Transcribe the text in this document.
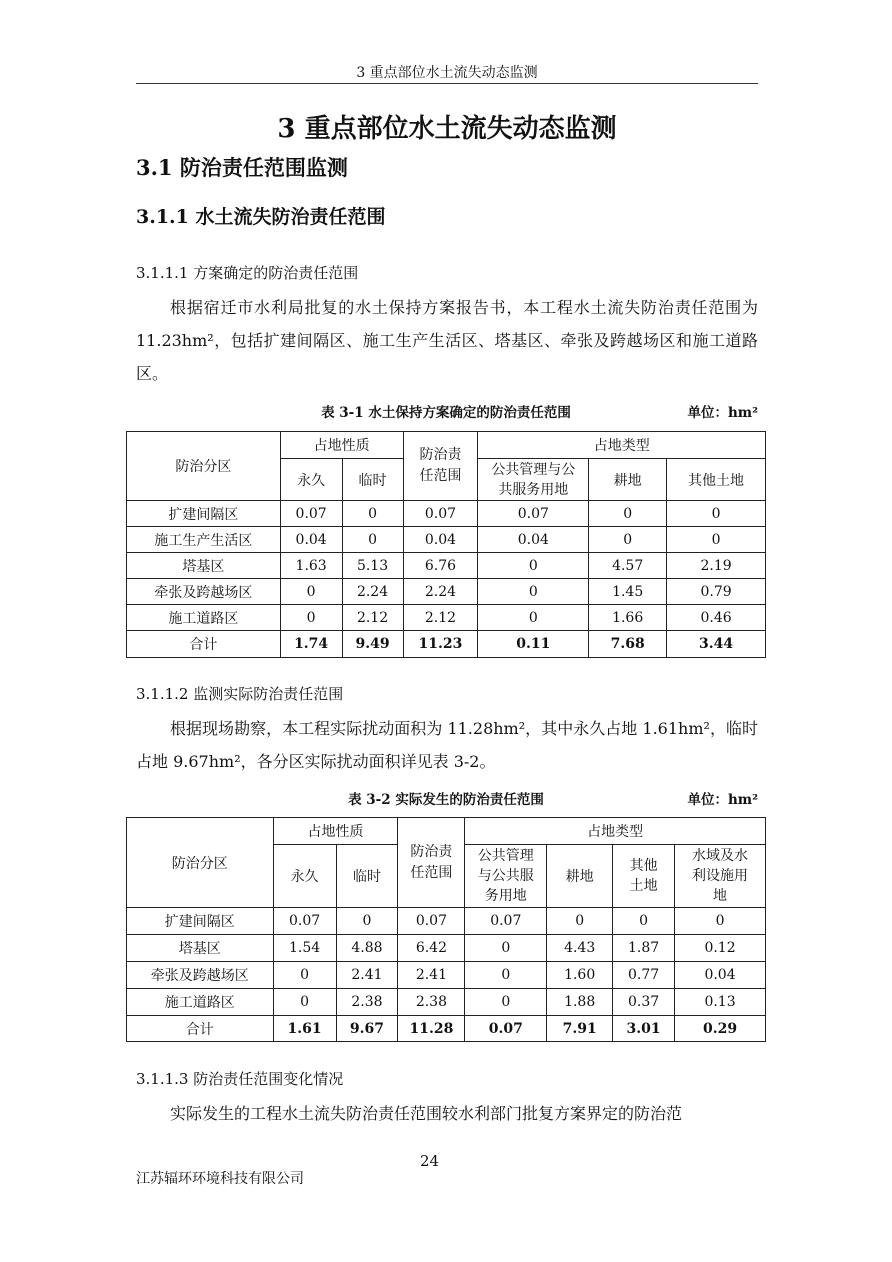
3 重点部位水土流失动态监测
3 重点部位水土流失动态监测
3.1 防治责任范围监测
3.1.1 水土流失防治责任范围
3.1.1.1 方案确定的防治责任范围

根据宿迁市水利局批复的水土保持方案报告书，本工程水土流失防治责任范围为 11.23hm²，包括扩建间隔区、施工生产生活区、塔基区、牵张及跨越场区和施工道路区。

表 3-1 水土保持方案确定的防治责任范围	单位：hm²
防治分区	占地性质		防治责任范围	占地类型		
	永久	临时		公共管理与公共服务用地	耕地	其他土地
扩建间隔区	0.07	0	0.07	0.07	0	0
施工生产生活区	0.04	0	0.04	0.04	0	0
塔基区	1.63	5.13	6.76	0	4.57	2.19
牵张及跨越场区	0	2.24	2.24	0	1.45	0.79
施工道路区	0	2.12	2.12	0	1.66	0.46
合计	1.74	9.49	11.23	0.11	7.68	3.44
3.1.1.2 监测实际防治责任范围

根据现场勘察，本工程实际扰动面积为 11.28hm²，其中永久占地 1.61hm²，临时占地 9.67hm²，各分区实际扰动面积详见表 3-2。

表 3-2 实际发生的防治责任范围	单位：hm²
防治分区	占地性质		防治责任范围	占地类型			
	永久	临时		公共管理与公共服务用地	耕地	其他土地	水域及水利设施用地
扩建间隔区	0.07	0	0.07	0.07	0	0	0
塔基区	1.54	4.88	6.42	0	4.43	1.87	0.12
牵张及跨越场区	0	2.41	2.41	0	1.60	0.77	0.04
施工道路区	0	2.38	2.38	0	1.88	0.37	0.13
合计	1.61	9.67	11.28	0.07	7.91	3.01	0.29
3.1.1.3 防治责任范围变化情况

实际发生的工程水土流失防治责任范围较水利部门批复方案界定的防治范

24
江苏辐环环境科技有限公司
